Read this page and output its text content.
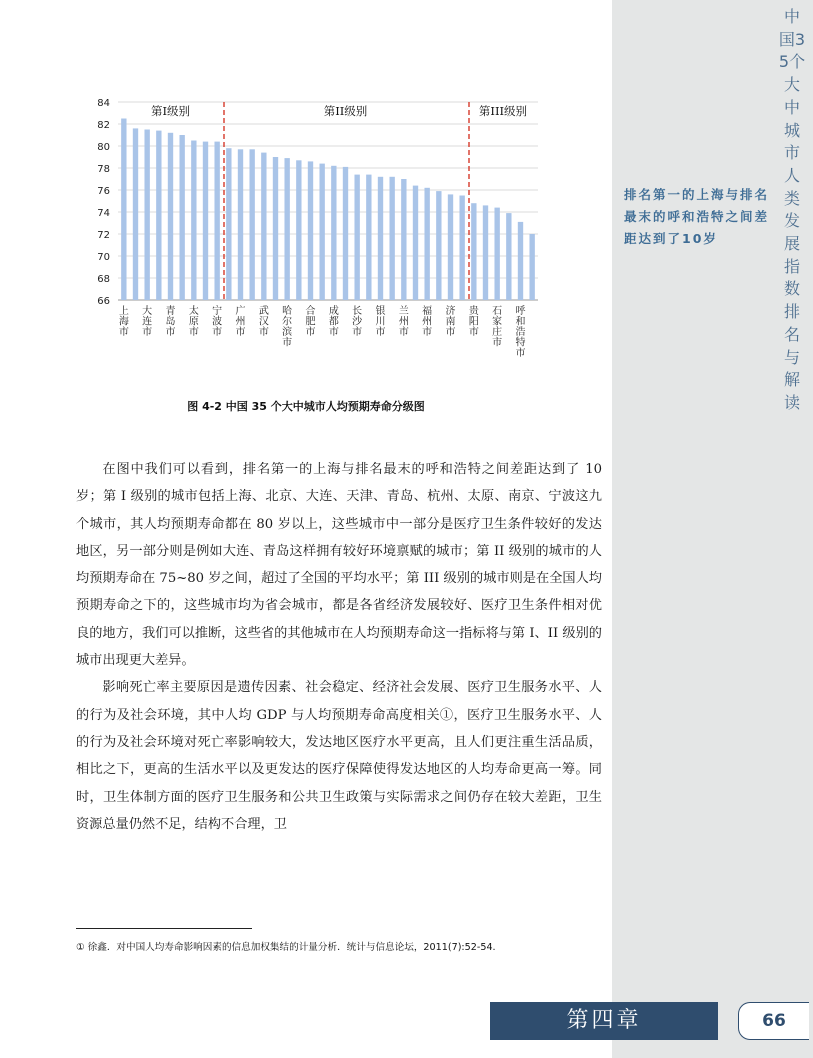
66
68
70
72
74
76
78
80
82
84
第I级别	第II级别	第III级别
上海市
大连市
青岛市
太原市
宁波市
广州市
武汉市
哈尔滨市
合肥市
成都市
长沙市
银川市
兰州市
福州市
济南市
贵阳市
石家庄市
呼和浩特市
图 4-2 中国 35 个大中城市人均预期寿命分级图

在图中我们可以看到，排名第一的上海与排名最末的呼和浩特之间差距达到了 10 岁；第 I 级别的城市包括上海、北京、大连、天津、青岛、杭州、太原、南京、宁波这九个城市，其人均预期寿命都在 80 岁以上，这些城市中一部分是医疗卫生条件较好的发达地区，另一部分则是例如大连、青岛这样拥有较好环境禀赋的城市；第 II 级别的城市的人均预期寿命在 75~80 岁之间，超过了全国的平均水平；第 III 级别的城市则是在全国人均预期寿命之下的，这些城市均为省会城市，都是各省经济发展较好、医疗卫生条件相对优良的地方，我们可以推断，这些省的其他城市在人均预期寿命这一指标将与第 I、II 级别的城市出现更大差异。

影响死亡率主要原因是遗传因素、社会稳定、经济社会发展、医疗卫生服务水平、人的行为及社会环境，其中人均 GDP 与人均预期寿命高度相关①，医疗卫生服务水平、人的行为及社会环境对死亡率影响较大，发达地区医疗水平更高，且人们更注重生活品质，相比之下，更高的生活水平以及更发达的医疗保障使得发达地区的人均寿命更高一筹。同时，卫生体制方面的医疗卫生服务和公共卫生政策与实际需求之间仍存在较大差距，卫生资源总量仍然不足，结构不合理，卫

① 徐鑫．对中国人均寿命影响因素的信息加权集结的计量分析．统计与信息论坛，2011(7):52-54.
中国35个大中城市人类发展指数排名与解读
排名第一的上海与排名最末的呼和浩特之间差距达到了10岁
第四章	66
